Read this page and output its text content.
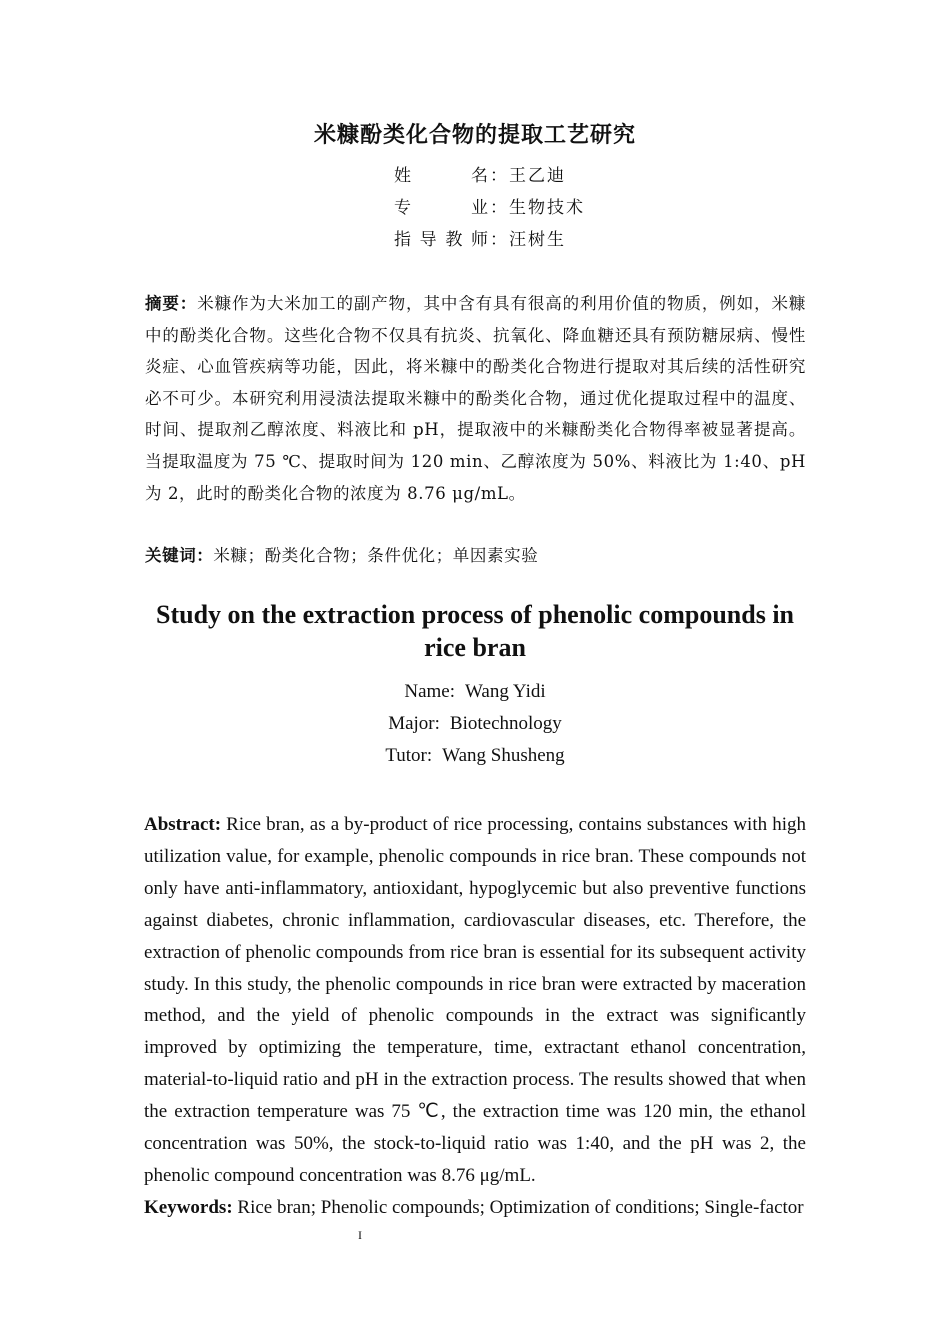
米糠酚类化合物的提取工艺研究
姓名：王乙迪
专业：生物技术
指导教师：汪树生
摘要：米糠作为大米加工的副产物，其中含有具有很高的利用价值的物质，例如，米糠中的酚类化合物。这些化合物不仅具有抗炎、抗氧化、降血糖还具有预防糖尿病、慢性炎症、心血管疾病等功能，因此，将米糠中的酚类化合物进行提取对其后续的活性研究必不可少。本研究利用浸渍法提取米糠中的酚类化合物，通过优化提取过程中的温度、时间、提取剂乙醇浓度、料液比和 pH，提取液中的米糠酚类化合物得率被显著提高。当提取温度为 75 ℃、提取时间为 120 min、乙醇浓度为 50%、料液比为 1:40、pH 为 2，此时的酚类化合物的浓度为 8.76 μg/mL。
关键词：米糠；酚类化合物；条件优化；单因素实验
Study on the extraction process of phenolic compounds in rice bran
Name: Wang Yidi
Major: Biotechnology
Tutor: Wang Shusheng
Abstract: Rice bran, as a by-product of rice processing, contains substances with high utilization value, for example, phenolic compounds in rice bran. These compounds not only have anti-inflammatory, antioxidant, hypoglycemic but also preventive functions against diabetes, chronic inflammation, cardiovascular diseases, etc. Therefore, the extraction of phenolic compounds from rice bran is essential for its subsequent activity study. In this study, the phenolic compounds in rice bran were extracted by maceration method, and the yield of phenolic compounds in the extract was significantly improved by optimizing the temperature, time, extractant ethanol concentration, material-to-liquid ratio and pH in the extraction process. The results showed that when the extraction temperature was 75 ℃, the extraction time was 120 min, the ethanol concentration was 50%, the stock-to-liquid ratio was 1:40, and the pH was 2, the phenolic compound concentration was 8.76 μg/mL.
Keywords: Rice bran; Phenolic compounds; Optimization of conditions; Single-factor
I
